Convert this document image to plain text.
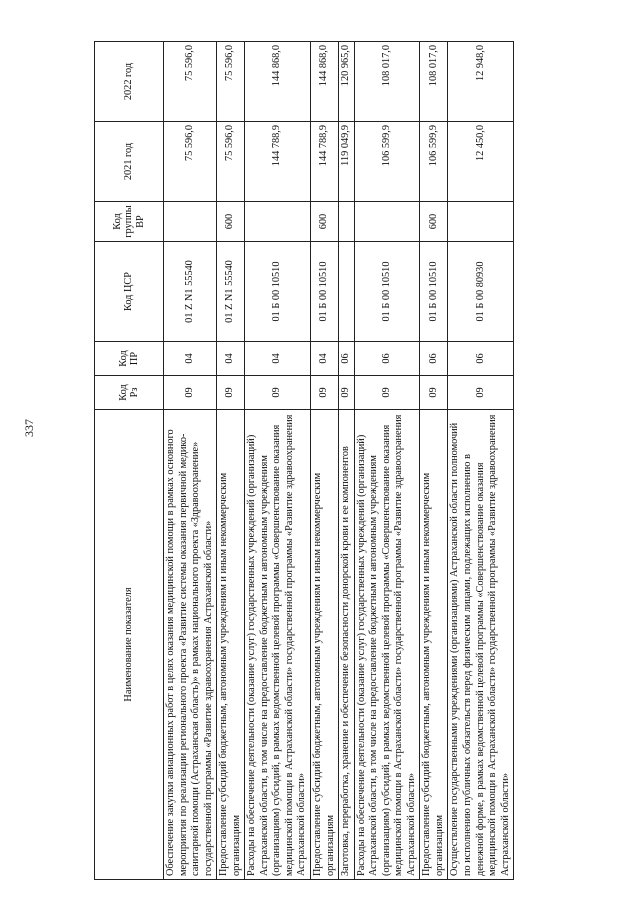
337
Наименование показателя	Код Рз	Код ПР	Код ЦСР	Код группы ВР	2021 год	2022 год
Обеспечение закупки авиационных работ в целях оказания медицинской помощи в рамках основного мероприятия по реализации регионального проекта «Развитие системы оказания первичной медико-санитарной помощи (Астраханская область)» в рамках национального проекта «Здравоохранение» государственной программы «Развитие здравоохранения Астраханской области»	09	04	01 Z N1 55540		75 596,0	75 596,0
Предоставление субсидий бюджетным, автономным учреждениям и иным некоммерческим организациям	09	04	01 Z N1 55540	600	75 596,0	75 596,0
Расходы на обеспечение деятельности (оказание услуг) государственных учреждений (организаций) Астраханской области, в том числе на предоставление бюджетным и автономным учреждениям (организациям) субсидий, в рамках ведомственной целевой программы «Совершенствование оказания медицинской помощи в Астраханской области» государственной программы «Развитие здравоохранения Астраханской области»	09	04	01 Б 00 10510		144 788,9	144 868,0
Предоставление субсидий бюджетным, автономным учреждениям и иным некоммерческим организациям	09	04	01 Б 00 10510	600	144 788,9	144 868,0
Заготовка, переработка, хранение и обеспечение безопасности донорской крови и ее компонентов	09	06			119 049,9	120 965,0
Расходы на обеспечение деятельности (оказание услуг) государственных учреждений (организаций) Астраханской области, в том числе на предоставление бюджетным и автономным учреждениям (организациям) субсидий, в рамках ведомственной целевой программы «Совершенствование оказания медицинской помощи в Астраханской области» государственной программы «Развитие здравоохранения Астраханской области»	09	06	01 Б 00 10510		106 599,9	108 017,0
Предоставление субсидий бюджетным, автономным учреждениям и иным некоммерческим организациям	09	06	01 Б 00 10510	600	106 599,9	108 017,0
Осуществление государственными учреждениями (организациями) Астраханской области полномочий по исполнению публичных обязательств перед физическим лицами, подлежащих исполнению в денежной форме, в рамках ведомственной целевой программы «Совершенствование оказания медицинской помощи в Астраханской области» государственной программы «Развитие здравоохранения Астраханской области»	09	06	01 Б 00 80930		12 450,0	12 948,0
